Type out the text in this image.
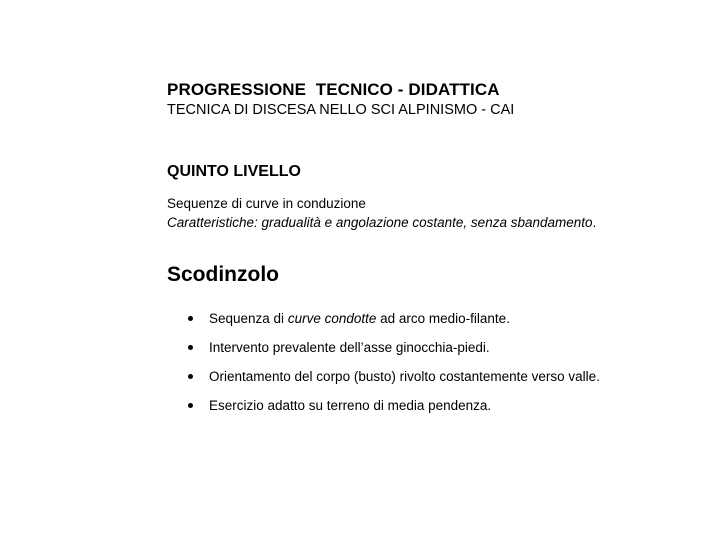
PROGRESSIONE  TECNICO - DIDATTICA
TECNICA DI DISCESA NELLO SCI ALPINISMO - CAI
QUINTO LIVELLO
Sequenze di curve in conduzione
Caratteristiche: gradualità e angolazione costante, senza sbandamento.
Scodinzolo
Sequenza di curve condotte ad arco medio-filante.
Intervento prevalente dell’asse ginocchia-piedi.
Orientamento del corpo (busto) rivolto costantemente verso valle.
Esercizio adatto su terreno di media pendenza.
